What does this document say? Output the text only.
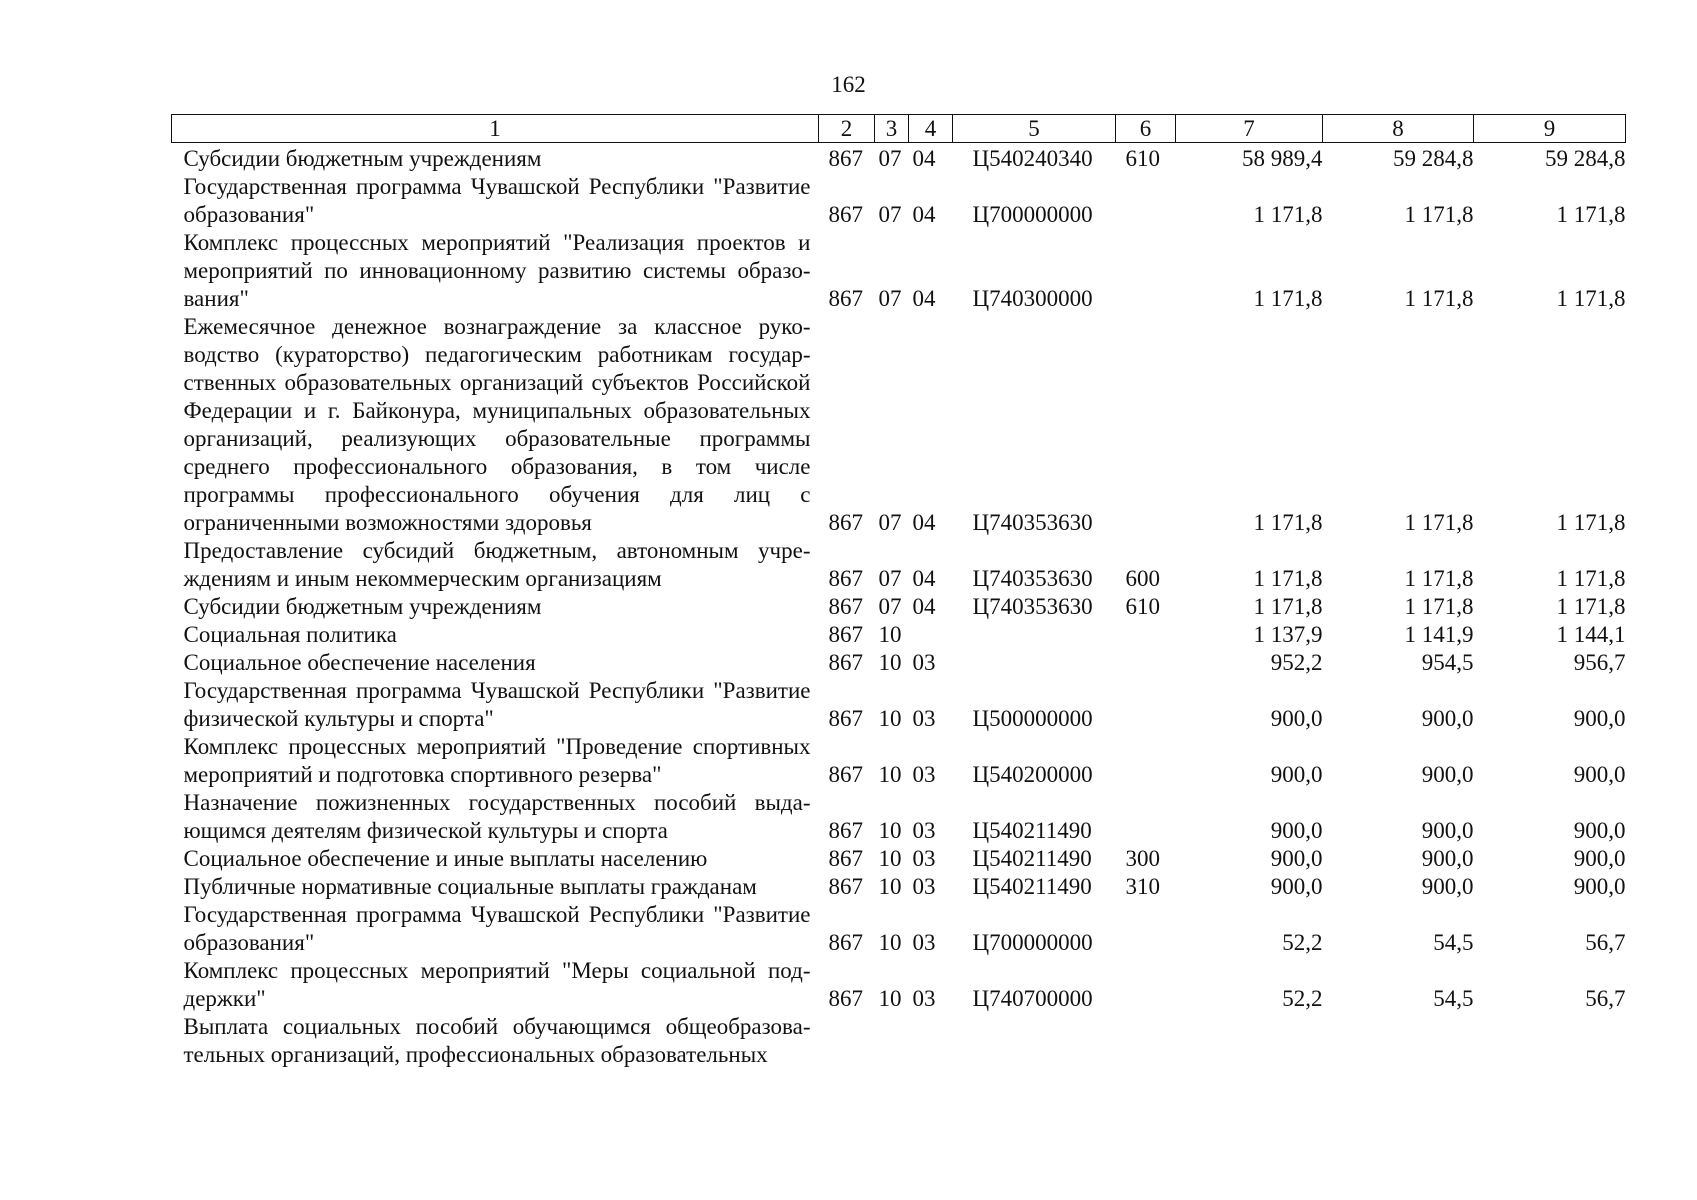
162
1	2	3	4	5	6	7	8	9
Субсидии бюджетным учреждениям	867	07	04	Ц540240340	610	58 989,4	59 284,8	59 284,8
Государственная программа Чувашской Республики "Развитие образования"	867	07	04	Ц700000000		1 171,8	1 171,8	1 171,8
Комплекс процессных мероприятий "Реализация проектов и мероприятий по инновационному развитию системы образования"	867	07	04	Ц740300000		1 171,8	1 171,8	1 171,8
Ежемесячное денежное вознаграждение за классное руководство (кураторство) педагогическим работникам государственных образовательных организаций субъектов Российской Федерации и г. Байконура, муниципальных образовательных организаций, реализующих образовательные программы среднего профессионального образования, в том числе программы профессионального обучения для лиц с ограниченными возможностями здоровья	867	07	04	Ц740353630		1 171,8	1 171,8	1 171,8
Предоставление субсидий бюджетным, автономным учреждениям и иным некоммерческим организациям	867	07	04	Ц740353630	600	1 171,8	1 171,8	1 171,8
Субсидии бюджетным учреждениям	867	07	04	Ц740353630	610	1 171,8	1 171,8	1 171,8
Социальная политика	867	10				1 137,9	1 141,9	1 144,1
Социальное обеспечение населения	867	10	03			952,2	954,5	956,7
Государственная программа Чувашской Республики "Развитие физической культуры и спорта"	867	10	03	Ц500000000		900,0	900,0	900,0
Комплекс процессных мероприятий "Проведение спортивных мероприятий и подготовка спортивного резерва"	867	10	03	Ц540200000		900,0	900,0	900,0
Назначение пожизненных государственных пособий выдающимся деятелям физической культуры и спорта	867	10	03	Ц540211490		900,0	900,0	900,0
Социальное обеспечение и иные выплаты населению	867	10	03	Ц540211490	300	900,0	900,0	900,0
Публичные нормативные социальные выплаты гражданам	867	10	03	Ц540211490	310	900,0	900,0	900,0
Государственная программа Чувашской Республики "Развитие образования"	867	10	03	Ц700000000		52,2	54,5	56,7
Комплекс процессных мероприятий "Меры социальной поддержки"	867	10	03	Ц740700000		52,2	54,5	56,7
Выплата социальных пособий обучающимся общеобразовательных организаций, профессиональных образовательных								
